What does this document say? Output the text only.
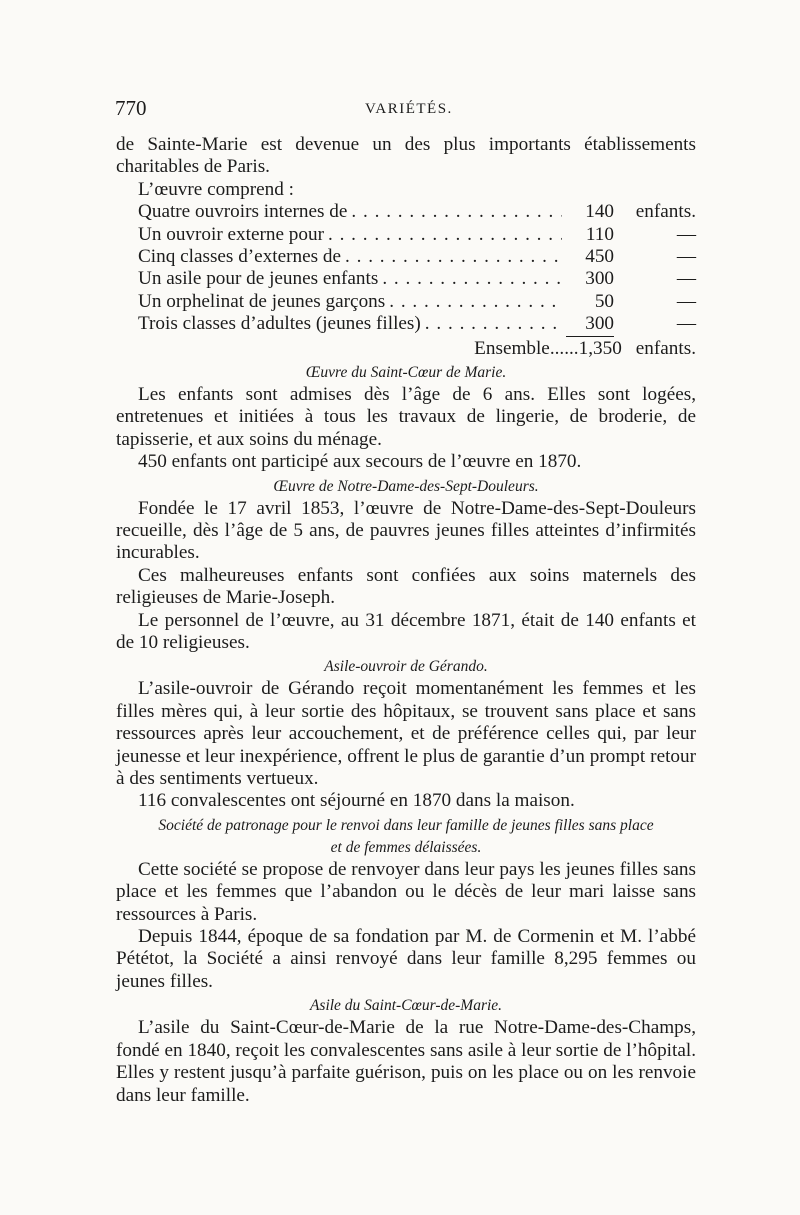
770	VARIÉTÉS.

de Sainte-Marie est devenue un des plus importants établissements charitables de Paris.

L’œuvre comprend :

Quatre ouvroirs internes de . . .	140	enfants.
Un ouvroir externe pour . . .	110	—
Cinq classes d’externes de . . .	450	—
Un asile pour de jeunes enfants . . .	300	—
Un orphelinat de jeunes garçons . . .	50	—
Trois classes d’adultes (jeunes filles) . . .	300	—
Ensemble...... 1,350 enfants.
Œuvre du Saint-Cœur de Marie.

Les enfants sont admises dès l’âge de 6 ans. Elles sont logées, entretenues et initiées à tous les travaux de lingerie, de broderie, de tapisserie, et aux soins du ménage.

450 enfants ont participé aux secours de l’œuvre en 1870.

Œuvre de Notre-Dame-des-Sept-Douleurs.

Fondée le 17 avril 1853, l’œuvre de Notre-Dame-des-Sept-Douleurs recueille, dès l’âge de 5 ans, de pauvres jeunes filles atteintes d’infirmités incurables.

Ces malheureuses enfants sont confiées aux soins maternels des religieuses de Marie-Joseph.

Le personnel de l’œuvre, au 31 décembre 1871, était de 140 enfants et de 10 religieuses.

Asile-ouvroir de Gérando.

L’asile-ouvroir de Gérando reçoit momentanément les femmes et les filles mères qui, à leur sortie des hôpitaux, se trouvent sans place et sans ressources après leur accouchement, et de préférence celles qui, par leur jeunesse et leur inexpérience, offrent le plus de garantie d’un prompt retour à des sentiments vertueux.

116 convalescentes ont séjourné en 1870 dans la maison.

Société de patronage pour le renvoi dans leur famille de jeunes filles sans place
et de femmes délaissées.

Cette société se propose de renvoyer dans leur pays les jeunes filles sans place et les femmes que l’abandon ou le décès de leur mari laisse sans ressources à Paris.

Depuis 1844, époque de sa fondation par M. de Cormenin et M. l’abbé Pététot, la Société a ainsi renvoyé dans leur famille 8,295 femmes ou jeunes filles.

Asile du Saint-Cœur-de-Marie.

L’asile du Saint-Cœur-de-Marie de la rue Notre-Dame-des-Champs, fondé en 1840, reçoit les convalescentes sans asile à leur sortie de l’hôpital. Elles y restent jusqu’à parfaite guérison, puis on les place ou on les renvoie dans leur famille.
